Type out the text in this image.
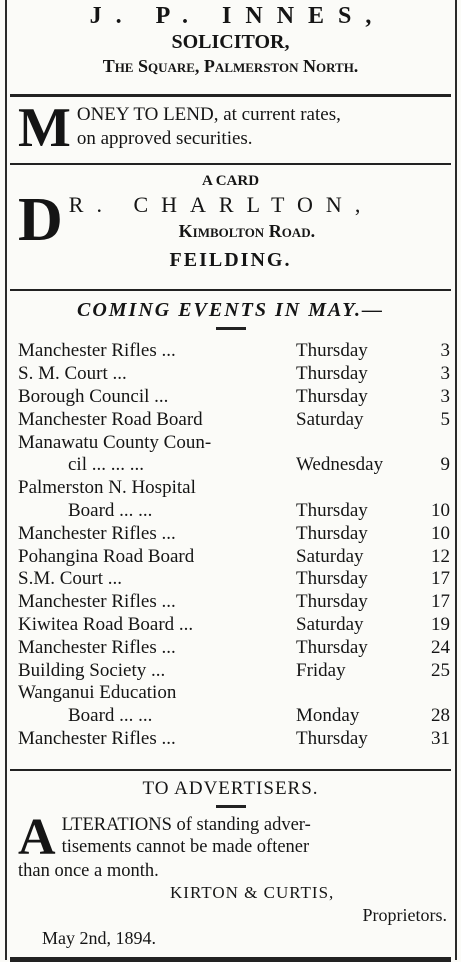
J. P. INNES,
SOLICITOR,
The Square, Palmerston North.
M ONEY TO LEND, at current rates,
on approved securities.
A CARD
D R. CHARLTON,
Kimbolton Road.
FEILDING.
COMING EVENTS IN MAY.—
Manchester Rifles ...	Thursday	3
S. M. Court ...	Thursday	3
Borough Council ...	Thursday	3
Manchester Road Board	Saturday	5
Manawatu County Coun-
cil ... ... ...	Wednesday	9
Palmerston N. Hospital
Board ... ...	Thursday	10
Manchester Rifles ...	Thursday	10
Pohangina Road Board	Saturday	12
S.M. Court ...	Thursday	17
Manchester Rifles ...	Thursday	17
Kiwitea Road Board ...	Saturday	19
Manchester Rifles ...	Thursday	24
Building Society ...	Friday	25
Wanganui Education
Board ... ...	Monday	28
Manchester Rifles ...	Thursday	31
TO ADVERTISERS.
A LTERATIONS of standing adver-
tisements cannot be made oftener
than once a month.
KIRTON & CURTIS,
Proprietors.
May 2nd, 1894.
